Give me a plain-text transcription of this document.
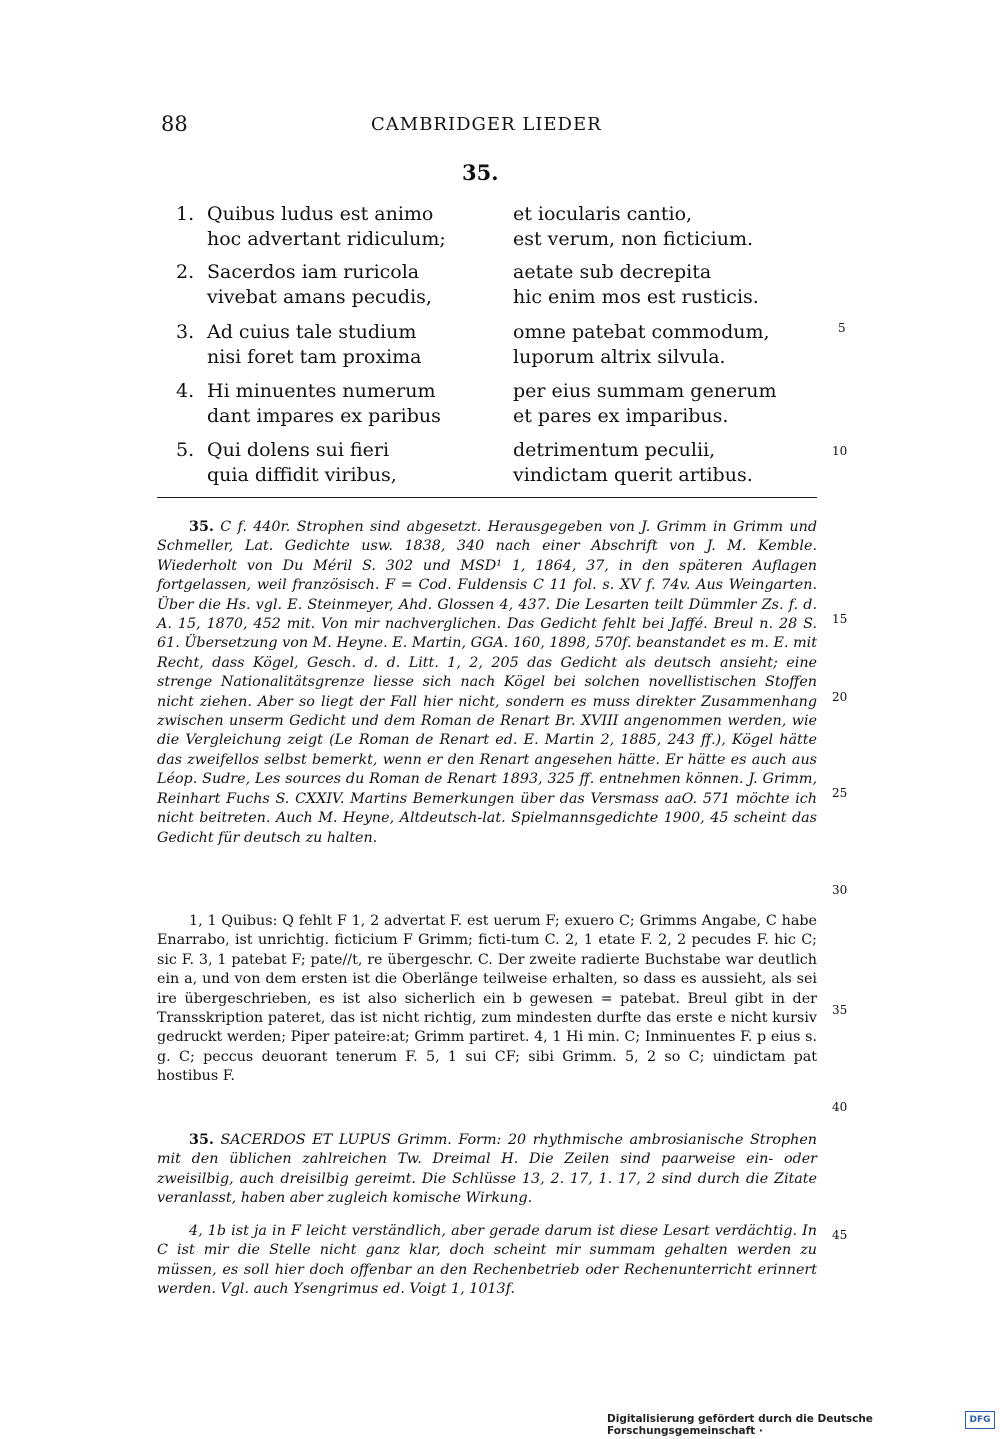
88	CAMBRIDGER LIEDER
35.
1. Quibus ludus est animo
hoc advertant ridiculum;
et iocularis cantio,
est verum, non ficticium.
2. Sacerdos iam ruricola
vivebat amans pecudis,
aetate sub decrepita
hic enim mos est rusticis.
3. Ad cuius tale studium
nisi foret tam proxima
omne patebat commodum,
luporum altrix silvula.
4. Hi minuentes numerum
dant impares ex paribus
per eius summam generum
et pares ex imparibus.
5. Qui dolens sui fieri
quia diffidit viribus,
detrimentum peculii,
vindictam querit artibus.
5
10

35. C f. 440r. Strophen sind abgesetzt. Herausgegeben von J. Grimm in Grimm und Schmeller, Lat. Gedichte usw. 1838, 340 nach einer Abschrift von J. M. Kemble. Wiederholt von Du Méril S. 302 und MSD¹ 1, 1864, 37, in den späteren Auflagen fortgelassen, weil französisch. F = Cod. Fuldensis C 11 fol. s. XV f. 74v. Aus Weingarten. Über die Hs. vgl. E. Steinmeyer, Ahd. Glossen 4, 437. Die Lesarten teilt Dümmler Zs. f. d. A. 15, 1870, 452 mit. Von mir nachverglichen. Das Gedicht fehlt bei Jaffé. Breul n. 28 S. 61. Übersetzung von M. Heyne. E. Martin, GGA. 160, 1898, 570f. beanstandet es m. E. mit Recht, dass Kögel, Gesch. d. d. Litt. 1, 2, 205 das Gedicht als deutsch ansieht; eine strenge Nationalitätsgrenze liesse sich nach Kögel bei solchen novellistischen Stoffen nicht ziehen. Aber so liegt der Fall hier nicht, sondern es muss direkter Zusammenhang zwischen unserm Gedicht und dem Roman de Renart Br. XVIII angenommen werden, wie die Vergleichung zeigt (Le Roman de Renart ed. E. Martin 2, 1885, 243 ff.), Kögel hätte das zweifellos selbst bemerkt, wenn er den Renart angesehen hätte. Er hätte es auch aus Léop. Sudre, Les sources du Roman de Renart 1893, 325 ff. entnehmen können. J. Grimm, Reinhart Fuchs S. CXXIV. Martins Bemerkungen über das Versmass aaO. 571 möchte ich nicht beitreten. Auch M. Heyne, Altdeutsch-lat. Spielmannsgedichte 1900, 45 scheint das Gedicht für deutsch zu halten.

1, 1 Quibus: Q fehlt F 1, 2 advertat F. est uerum F; exuero C; Grimms Angabe, C habe Enarrabo, ist unrichtig. ficticium F Grimm; ficti-tum C. 2, 1 etate F. 2, 2 pecudes F. hic C; sic F. 3, 1 patebat F; pate//t, re übergeschr. C. Der zweite radierte Buchstabe war deutlich ein a, und von dem ersten ist die Oberlänge teilweise erhalten, so dass es aussieht, als sei ire übergeschrieben, es ist also sicherlich ein b gewesen = patebat. Breul gibt in der Transskription pateret, das ist nicht richtig, zum mindesten durfte das erste e nicht kursiv gedruckt werden; Piper pateire:at; Grimm partiret. 4, 1 Hi min. C; Inminuentes F. p eius s. g. C; peccus deuorant tenerum F. 5, 1 sui CF; sibi Grimm. 5, 2 so C; uindictam pat hostibus F.

35. SACERDOS ET LUPUS Grimm. Form: 20 rhythmische ambrosianische Strophen mit den üblichen zahlreichen Tw. Dreimal H. Die Zeilen sind paarweise ein- oder zweisilbig, auch dreisilbig gereimt. Die Schlüsse 13, 2. 17, 1. 17, 2 sind durch die Zitate veranlasst, haben aber zugleich komische Wirkung.

4, 1b ist ja in F leicht verständlich, aber gerade darum ist diese Lesart verdächtig. In C ist mir die Stelle nicht ganz klar, doch scheint mir summam gehalten werden zu müssen, es soll hier doch offenbar an den Rechenbetrieb oder Rechenunterricht erinnert werden. Vgl. auch Ysengrimus ed. Voigt 1, 1013f.

15
20
25
30
35
40
45
Digitalisierung gefördert durch die Deutsche Forschungsgemeinschaft ·
DFG
